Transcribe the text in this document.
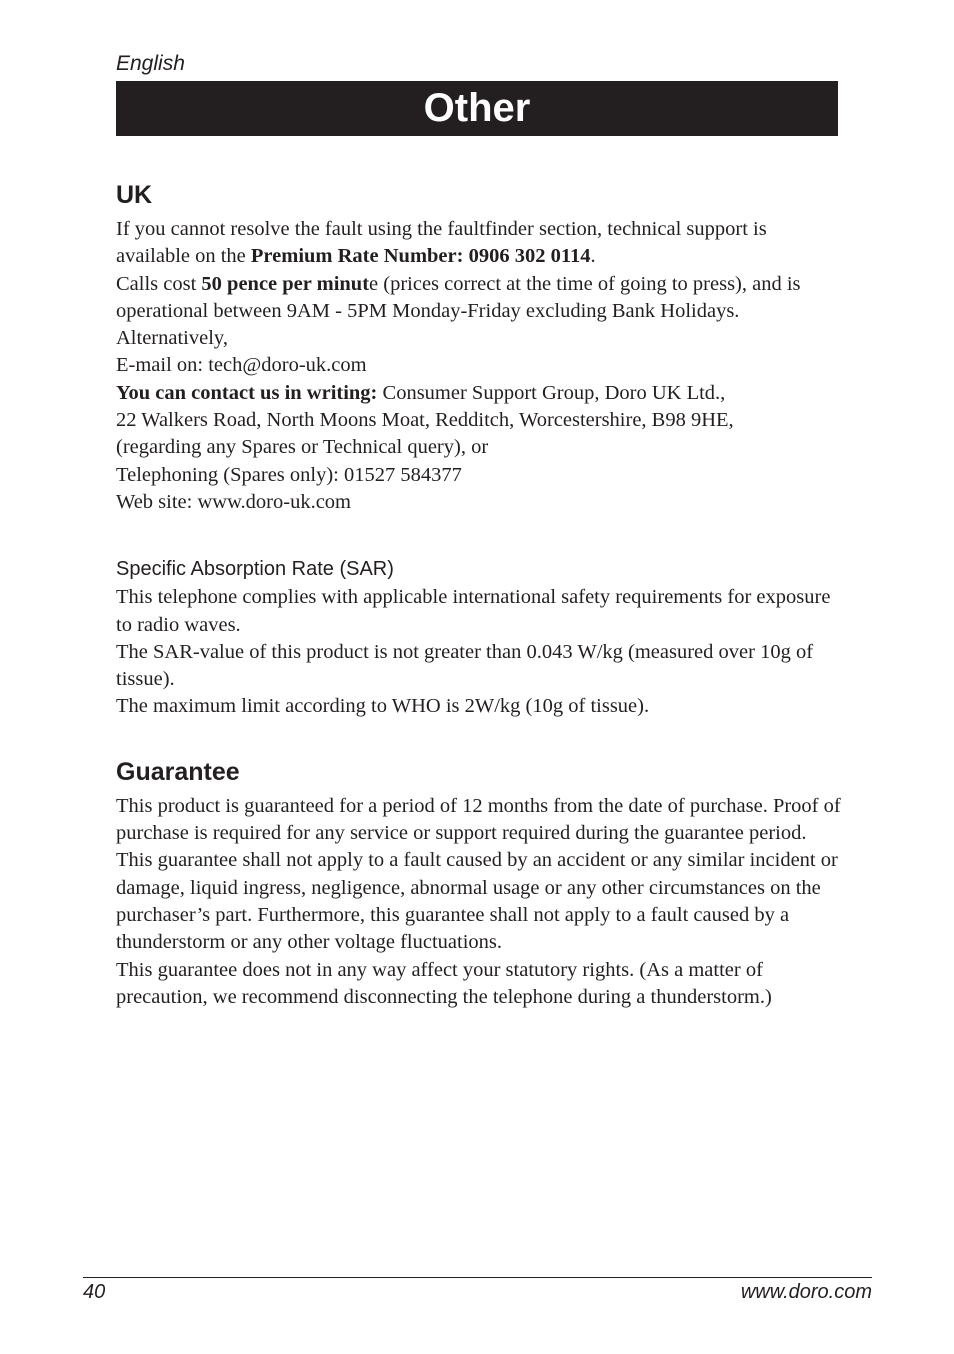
English
Other
UK

If you cannot resolve the fault using the faultfinder section, technical support is available on the Premium Rate Number: 0906 302 0114.

Calls cost 50 pence per minute (prices correct at the time of going to press), and is operational between 9AM - 5PM Monday-Friday excluding Bank Holidays.

Alternatively,

E-mail on: tech@doro-uk.com

You can contact us in writing: Consumer Support Group, Doro UK Ltd.,

22 Walkers Road, North Moons Moat, Redditch, Worcestershire, B98 9HE,

(regarding any Spares or Technical query), or

Telephoning (Spares only): 01527 584377

Web site: www.doro-uk.com

Specific Absorption Rate (SAR)

This telephone complies with applicable international safety requirements for exposure to radio waves.

The SAR-value of this product is not greater than 0.043 W/kg (measured over 10g of tissue).

The maximum limit according to WHO is 2W/kg (10g of tissue).

Guarantee

This product is guaranteed for a period of 12 months from the date of purchase. Proof of purchase is required for any service or support required during the guarantee period.

This guarantee shall not apply to a fault caused by an accident or any similar incident or damage, liquid ingress, negligence, abnormal usage or any other circumstances on the purchaser’s part. Furthermore, this guarantee shall not apply to a fault caused by a thunderstorm or any other voltage fluctuations.

This guarantee does not in any way affect your statutory rights. (As a matter of precaution, we recommend disconnecting the telephone during a thunderstorm.)

40	www.doro.com
